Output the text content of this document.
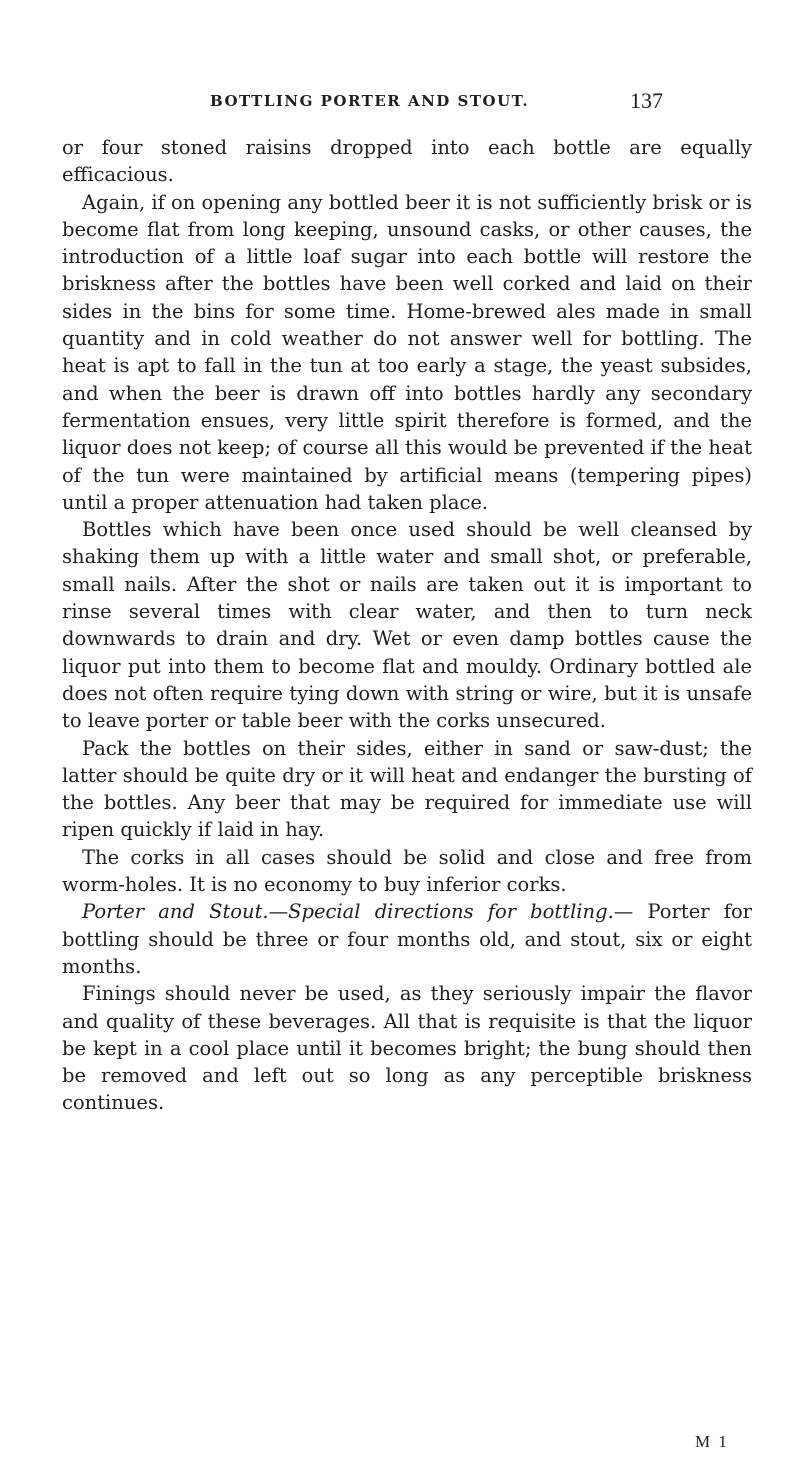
BOTTLING PORTER AND STOUT.	137

or four stoned raisins dropped into each bottle are equally efficacious.

Again, if on opening any bottled beer it is not sufficiently brisk or is become flat from long keeping, unsound casks, or other causes, the introduction of a little loaf sugar into each bottle will restore the briskness after the bottles have been well corked and laid on their sides in the bins for some time. Home-brewed ales made in small quantity and in cold weather do not answer well for bottling. The heat is apt to fall in the tun at too early a stage, the yeast subsides, and when the beer is drawn off into bottles hardly any secondary fermentation ensues, very little spirit therefore is formed, and the liquor does not keep; of course all this would be prevented if the heat of the tun were maintained by artificial means (tempering pipes) until a proper attenuation had taken place.

Bottles which have been once used should be well cleansed by shaking them up with a little water and small shot, or preferable, small nails. After the shot or nails are taken out it is important to rinse several times with clear water, and then to turn neck downwards to drain and dry. Wet or even damp bottles cause the liquor put into them to become flat and mouldy. Ordinary bottled ale does not often require tying down with string or wire, but it is unsafe to leave porter or table beer with the corks unsecured.

Pack the bottles on their sides, either in sand or saw-dust; the latter should be quite dry or it will heat and endanger the bursting of the bottles. Any beer that may be required for immediate use will ripen quickly if laid in hay.

The corks in all cases should be solid and close and free from worm-holes. It is no economy to buy inferior corks.

Porter and Stout.—Special directions for bottling.— Porter for bottling should be three or four months old, and stout, six or eight months.

Finings should never be used, as they seriously impair the flavor and quality of these beverages. All that is requisite is that the liquor be kept in a cool place until it becomes bright; the bung should then be removed and left out so long as any perceptible briskness continues.

M 1
